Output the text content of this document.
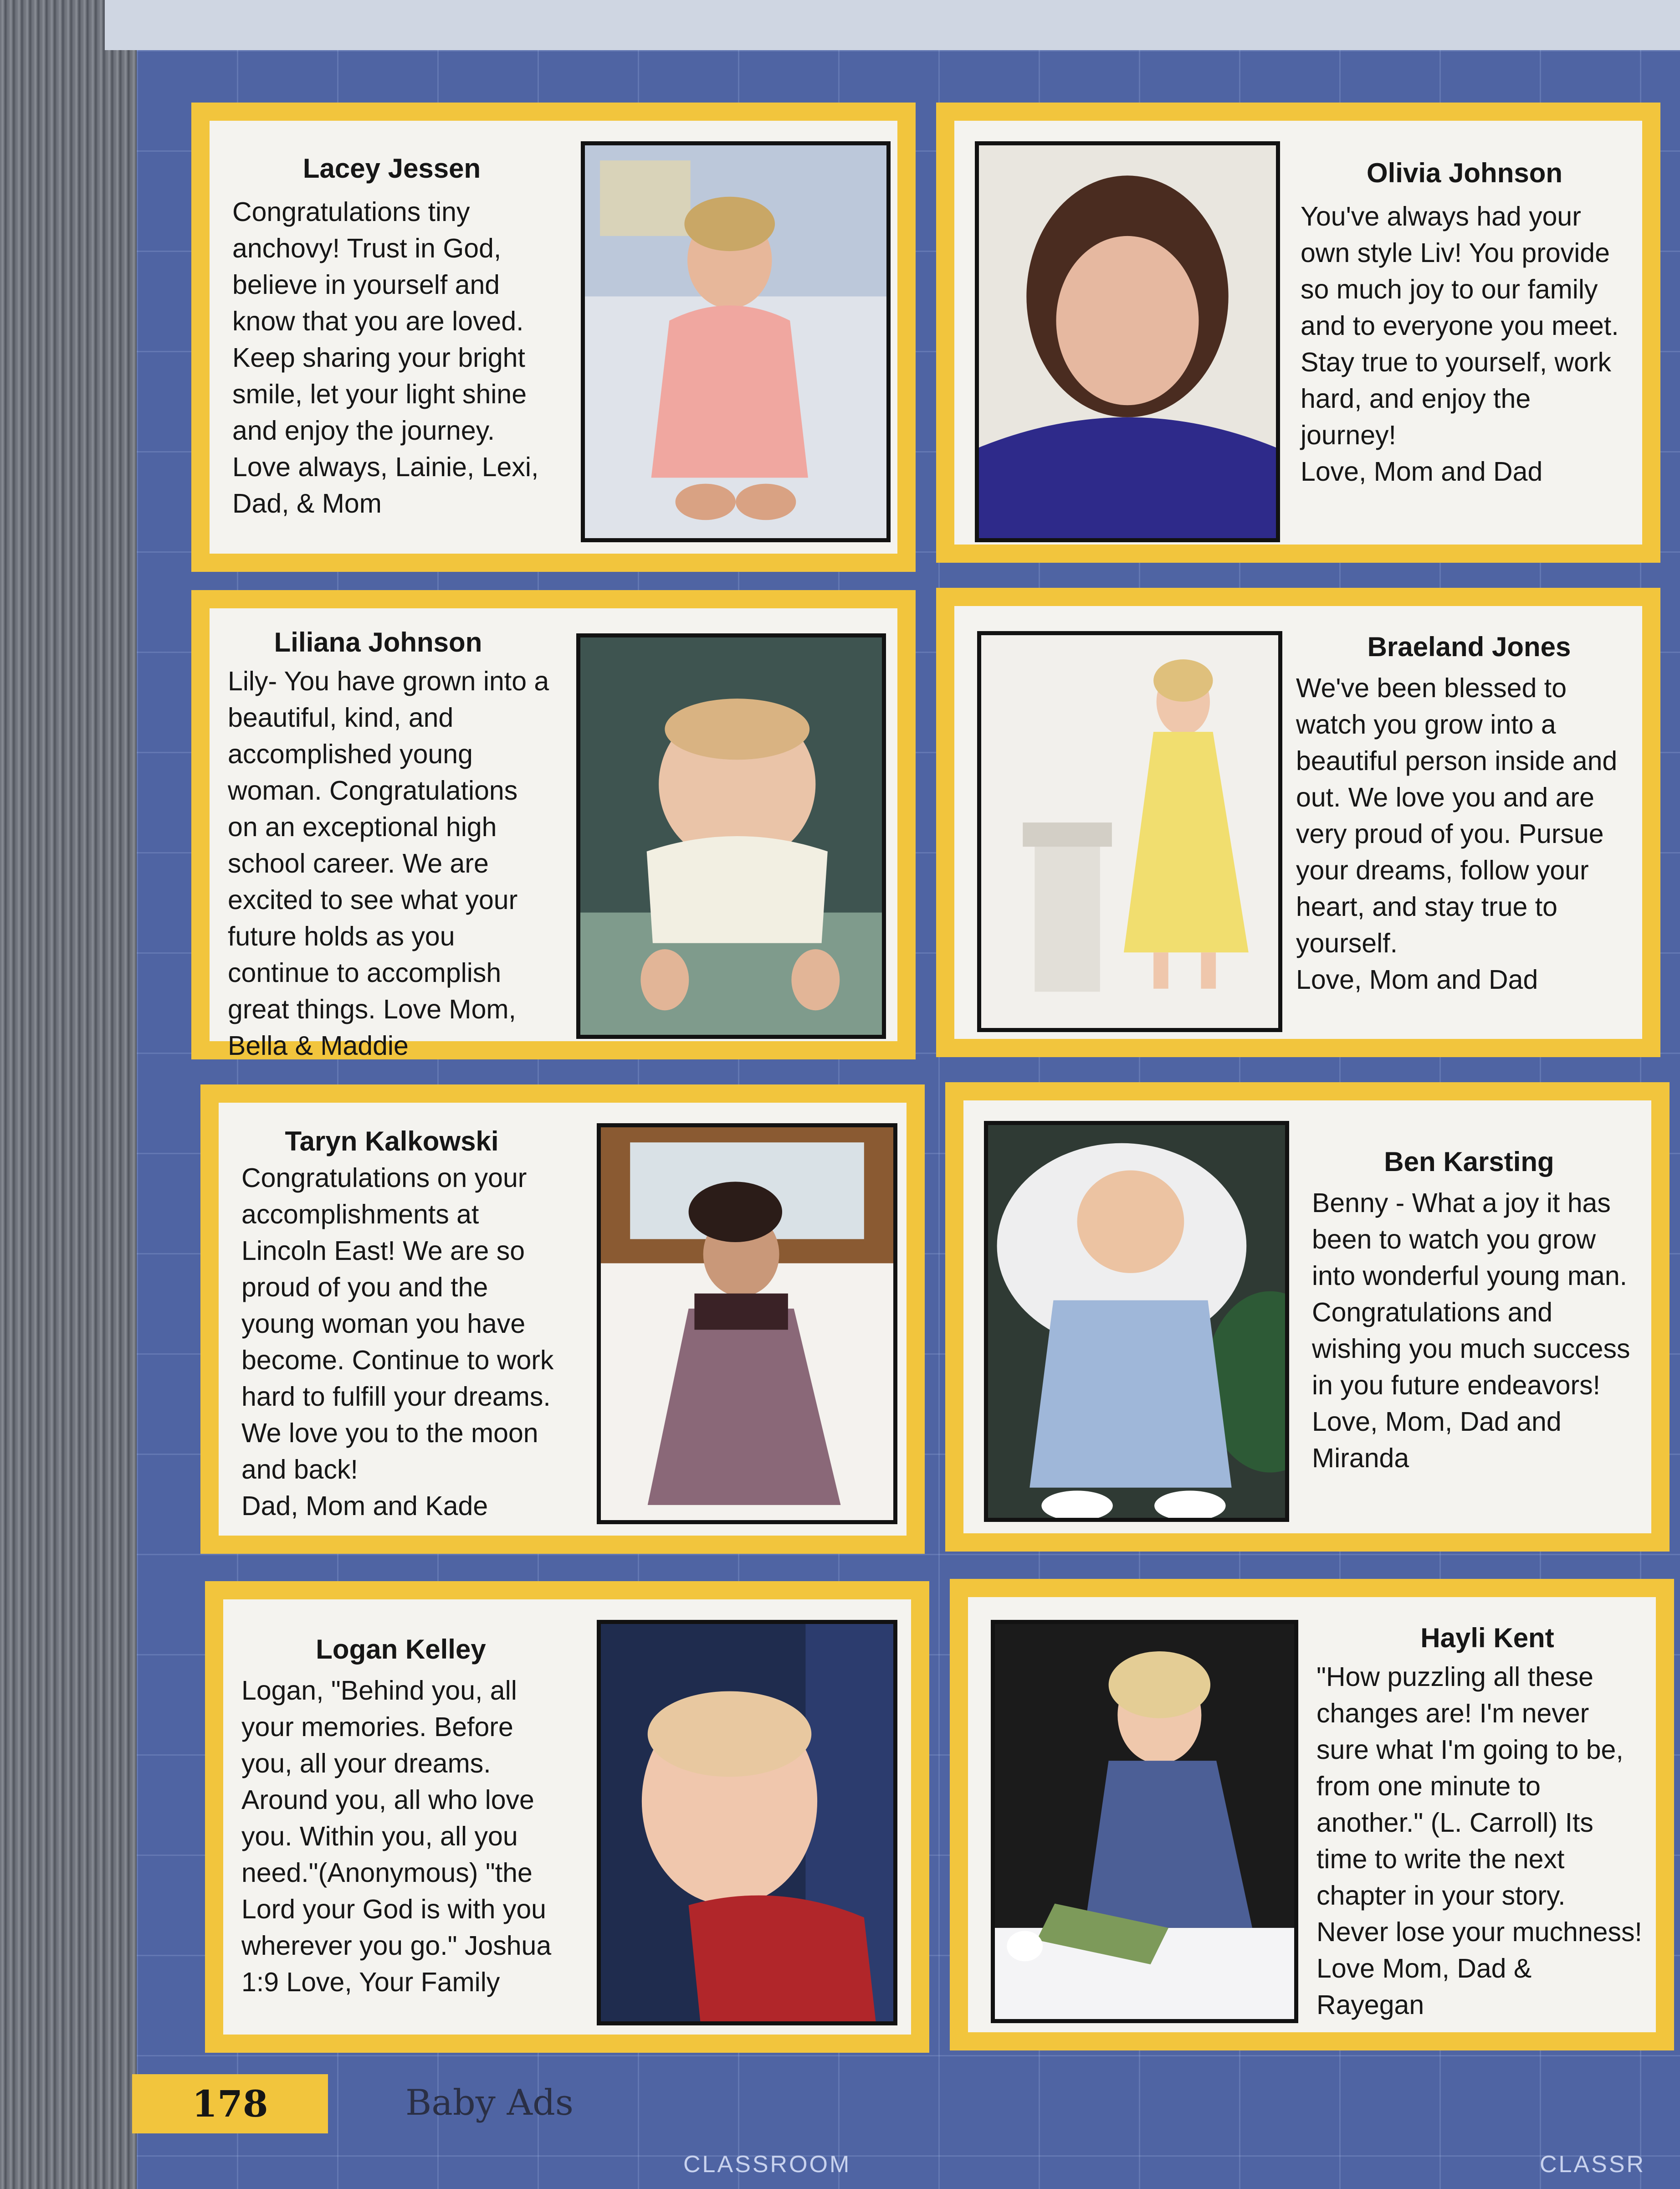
Lacey Jessen
Congratulations tiny
anchovy! Trust in God,
believe in yourself and
know that you are loved.
Keep sharing your bright
smile, let your light shine
and enjoy the journey.
Love always, Lainie, Lexi,
Dad, & Mom
Olivia Johnson
You've always had your
own style Liv! You provide
so much joy to our family
and to everyone you meet.
Stay true to yourself, work
hard, and enjoy the
journey!
Love, Mom and Dad
Liliana Johnson
Lily- You have grown into a
beautiful, kind, and
accomplished young
woman. Congratulations
on an exceptional high
school career. We are
excited to see what your
future holds as you
continue to accomplish
great things. Love Mom,
Bella & Maddie
Braeland Jones
We've been blessed to
watch you grow into a
beautiful person inside and
out. We love you and are
very proud of you. Pursue
your dreams, follow your
heart, and stay true to
yourself.
Love, Mom and Dad
Taryn Kalkowski
Congratulations on your
accomplishments at
Lincoln East! We are so
proud of you and the
young woman you have
become. Continue to work
hard to fulfill your dreams.
We love you to the moon
and back!
Dad, Mom and Kade
Ben Karsting
Benny - What a joy it has
been to watch you grow
into wonderful young man.
Congratulations and
wishing you much success
in you future endeavors!
Love, Mom, Dad and
Miranda
Logan Kelley
Logan, "Behind you, all
your memories. Before
you, all your dreams.
Around you, all who love
you. Within you, all you
need."(Anonymous) "the
Lord your God is with you
wherever you go." Joshua
1:9 Love, Your Family
Hayli Kent
"How puzzling all these
changes are! I'm never
sure what I'm going to be,
from one minute to
another." (L. Carroll) Its
time to write the next
chapter in your story.
Never lose your muchness!
Love Mom, Dad &
Rayegan
178	Baby Ads
CLASSROOM	CLASSR
